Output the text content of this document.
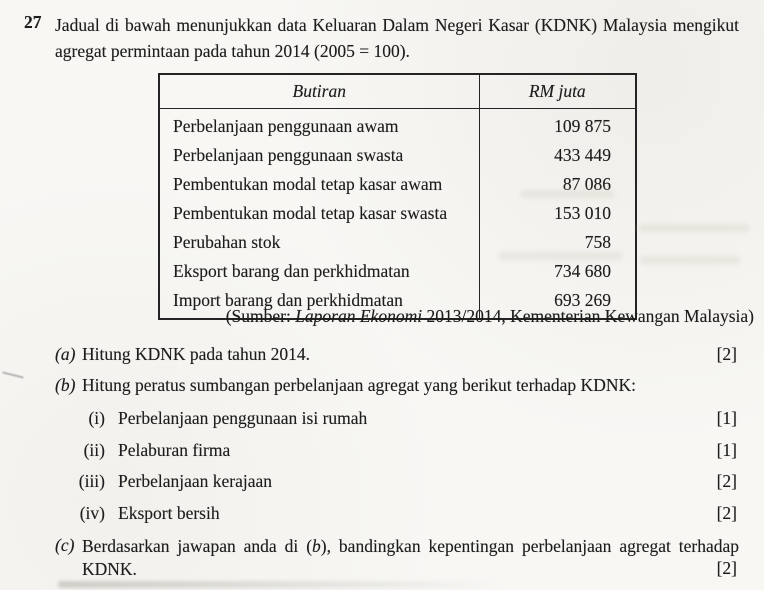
27 Jadual di bawah menunjukkan data Keluaran Dalam Negeri Kasar (KDNK) Malaysia mengikut agregat permintaan pada tahun 2014 (2005 = 100).
Butiran	RM juta
Perbelanjaan penggunaan awam	109 875
Perbelanjaan penggunaan swasta	433 449
Pembentukan modal tetap kasar awam	87 086
Pembentukan modal tetap kasar swasta	153 010
Perubahan stok	758
Eksport barang dan perkhidmatan	734 680
Import barang dan perkhidmatan	693 269
(Sumber: Laporan Ekonomi 2013/2014, Kementerian Kewangan Malaysia)
(a) Hitung KDNK pada tahun 2014.	[2]
(b) Hitung peratus sumbangan perbelanjaan agregat yang berikut terhadap KDNK:
(i) Perbelanjaan penggunaan isi rumah	[1]
(ii) Pelaburan firma	[1]
(iii) Perbelanjaan kerajaan	[2]
(iv) Eksport bersih	[2]
(c) Berdasarkan jawapan anda di (b), bandingkan kepentingan perbelanjaan agregat terhadap KDNK.	[2]
